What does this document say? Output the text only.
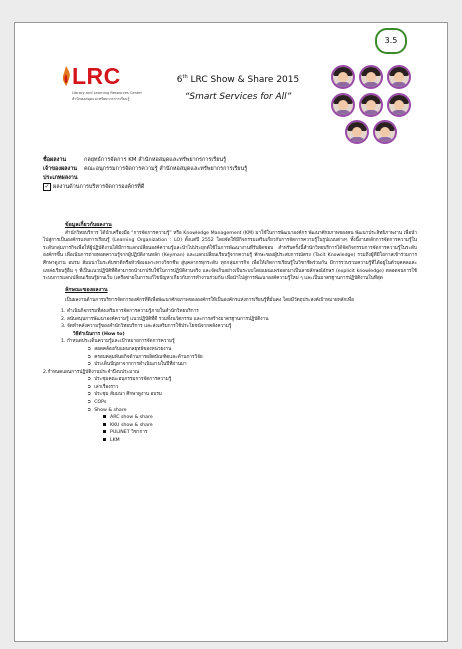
3.5
LRC
Library and Learning Resources Center
สำนักหอสมุดและทรัพยากรการเรียนรู้
6th LRC Show & Share 2015
“Smart Services for All”
ชื่อผลงาน	กลยุทธ์การจัดการ KM สำนักหอสมุดและทรัพยากรการเรียนรู้
เจ้าของผลงาน	คณะอนุกรรมการจัดการความรู้ สำนักหอสมุดและทรัพยากรการเรียนรู้
ประเภทผลงาน
✓ ผลงานด้านการบริหารจัดการองค์กรที่ดี
ข้อมูลเกี่ยวกับผลงาน
สำนักวิทยบริการ ได้นำเครื่องมือ “การจัดการความรู้” หรือ Knowledge Management (KM) มาใช้ในการพัฒนาองค์กร พัฒนาศักยภาพของคน พัฒนาประสิทธิภาพงาน เพื่อนำไปสู่การเป็นองค์กรแห่งการเรียนรู้ (Learning Organization : LO) ตั้งแต่ปี 2552 โดยจัดให้มีกิจกรรมเสริมเกี่ยวกับการจัดการความรู้ในรูปแบบต่างๆ ทั้งนี้งานหลักการจัดการความรู้ในระดับกลุ่มภารกิจเพื่อให้ผู้ปฏิบัติงานได้มีการแลกเปลี่ยนองค์ความรู้และนำไปประยุกต์ใช้ในการพัฒนางานที่รับผิดชอบ สำหรับครั้งนี้สำนักวิทยบริการได้จัดกิจกรรมการจัดการความรู้ในระดับองค์กรขึ้น เพื่อเน้นการถ่ายทอดความรู้จากผู้ปฏิบัติงานหลัก (Keyman) และแลกเปลี่ยนเรียนรู้จากความรู้ ทักษะของผู้ประสบการณ์ตรง (Tacit Knowledge) รวมถึงผู้ที่มีโอกาสเข้าร่วมการศึกษาดูงาน อบรม สัมมนาในระดับชาติหรือหัวข้อเฉพาะทางวิชาชีพ สู่บุคลากรทุกระดับ ทุกกลุ่มภารกิจ เพื่อให้เกิดการเรียนรู้ในวิชาชีพร่วมกัน มีการรวบรวมความรู้ที่ได้อยู่ในตัวบุคคลและแหล่งเรียนรู้อื่น ๆ ที่เป็นแนวปฏิบัติที่ดีสามารถนำมาปรับใช้ในการปฏิบัติงานจริง และจัดเก็บอย่างเป็นระบบโดยแผนแพร่ออกมาเป็นลายลักษณ์อักษร (explicit knowledge) ตลอดจนการใช้ระบบการแลกเปลี่ยนเรียนรู้ผ่านเว็บ (เครือข่ายในการแก้ไขปัญหาเกี่ยวกับการทำงานร่วมกัน เพื่อนำไปสู่การพัฒนาองค์ความรู้ใหม่ ๆ และเป็นมาตรฐานการปฏิบัติงานในทีสุด
ลักษณะของผลงาน
เป็นผลงานด้านการบริหารจัดการองค์กรที่ดีเพื่อพัฒนาศักยภาพขององค์กรให้เป็นองค์กรแห่งการเรียนรู้ที่มั่นคง โดยมีวัตถุประสงค์เป้าหมายหลักเพื่อ
1. ดำเนินกิจกรรมที่ส่งเสริมการจัดการความรู้ภายในสำนักวิทยบริการ
2. สนับสนุนการพัฒนาองค์ความรู้ แนวปฏิบัติที่ดี รวมทั้งนวัตกรรม และการสร้างมาตรฐานการปฏิบัติงาน
3. จัดทำคลังความรู้ของสำนักวิทยบริการ และส่งเสริมการใช้ประโยชน์จากคลังความรู้
วิธีดำเนินการ (How to)
1. กำหนดประเด็นความรู้และเป้าหมายการจัดการความรู้
➲ สอดคล้องกับแผนกลยุทธ์ของหน่วยงาน
➲ ครอบคลุมพันธกิจด้านการผลิตบัณฑิตและด้านการวิจัย
➲ ประเด็นปัญหาจากการดำเนินงานในปีที่ผ่านมา
2.กำหนดแผนการปฏิบัติงานประจำปีงบประมาณ
➲ ประชุมคณะอนุกรรมการจัดการความรู้
➲ เล่าเรื่องราว
➲ ประชุม สัมมนา ศึกษาดูงาน อบรม
➲ COPs
➲ Show & share
ARC show & share
KKU show & share
PULINET วิชาการ
LKM
